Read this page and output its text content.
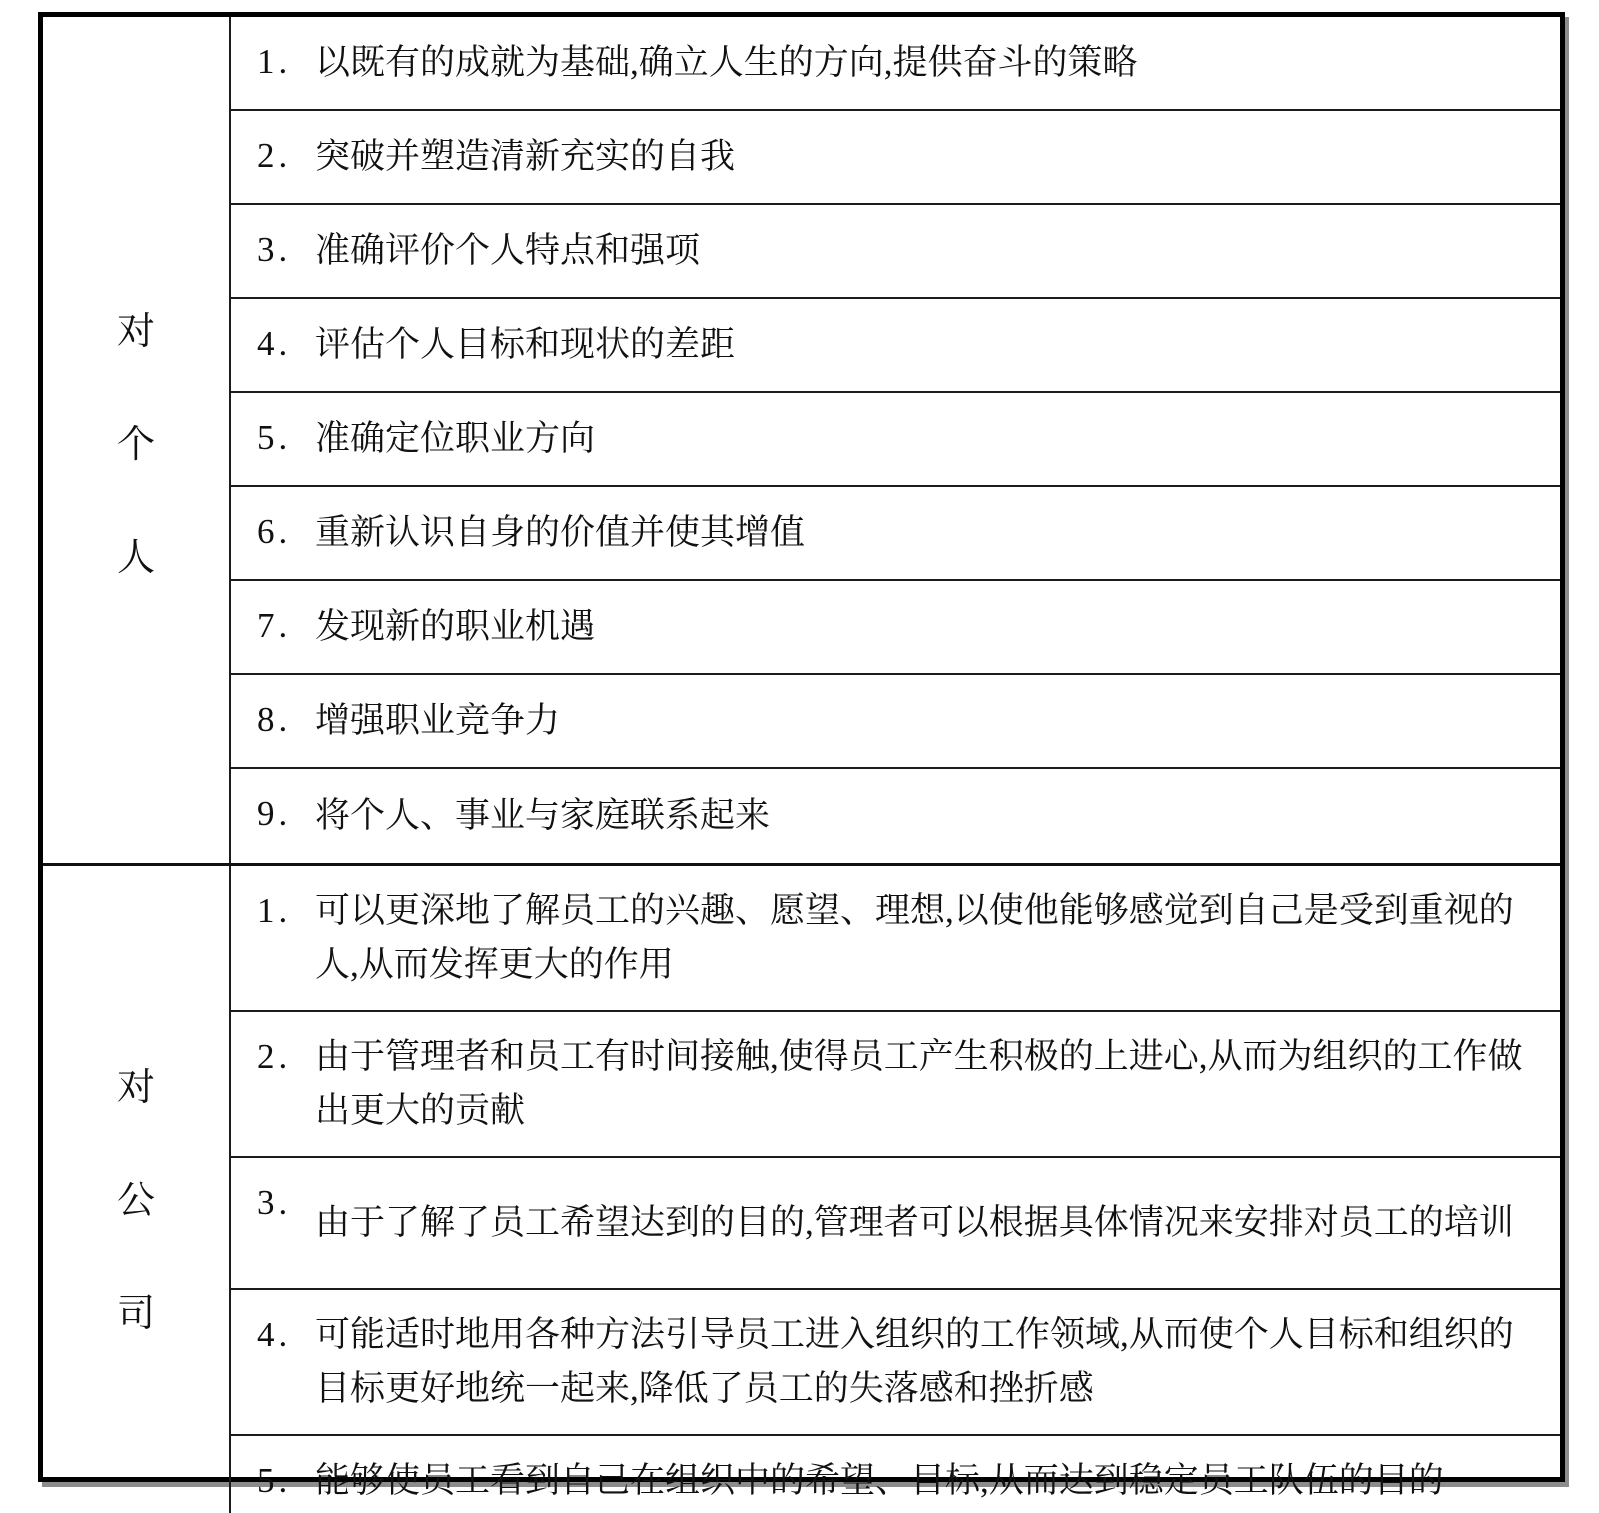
对
个
人
1. 以既有的成就为基础,确立人生的方向,提供奋斗的策略
2. 突破并塑造清新充实的自我
3. 准确评价个人特点和强项
4. 评估个人目标和现状的差距
5. 准确定位职业方向
6. 重新认识自身的价值并使其增值
7. 发现新的职业机遇
8. 增强职业竞争力
9. 将个人、事业与家庭联系起来
对
公
司
1. 可以更深地了解员工的兴趣、愿望、理想,以使他能够感觉到自己是受到重视的人,从而发挥更大的作用
2. 由于管理者和员工有时间接触,使得员工产生积极的上进心,从而为组织的工作做出更大的贡献
3.
由于了解了员工希望达到的目的,管理者可以根据具体情况来安排对员工的培训
4. 可能适时地用各种方法引导员工进入组织的工作领域,从而使个人目标和组织的目标更好地统一起来,降低了员工的失落感和挫折感
5. 能够使员工看到自己在组织中的希望、目标,从而达到稳定员工队伍的目的
